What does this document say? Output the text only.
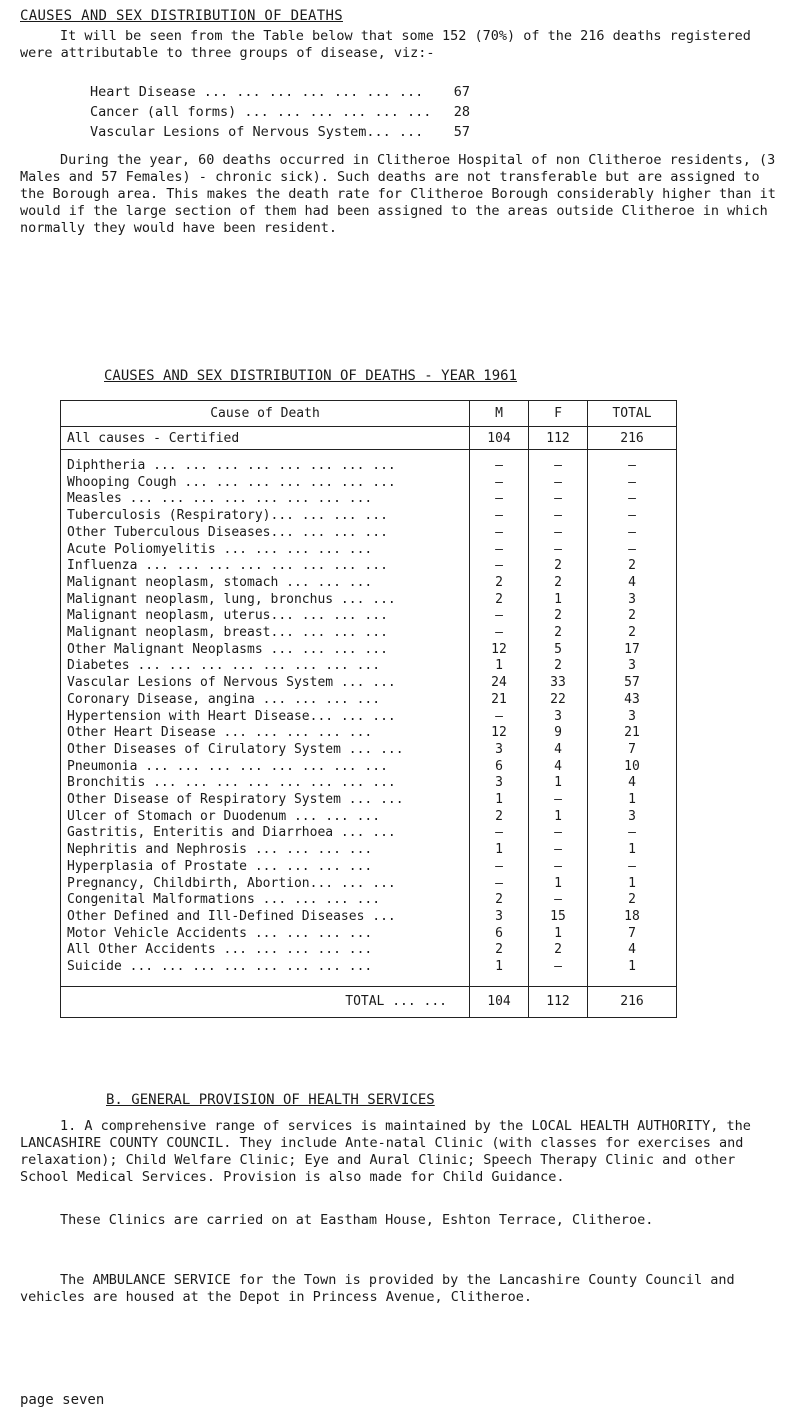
CAUSES AND SEX DISTRIBUTION OF DEATHS

It will be seen from the Table below that some 152 (70%) of the 216 deaths registered were attributable to three groups of disease, viz:-

Heart Disease ... ... ... ... ... ... ...	67
Cancer (all forms) ... ... ... ... ... ...	28
Vascular Lesions of Nervous System... ...	57

During the year, 60 deaths occurred in Clitheroe Hospital of non Clitheroe residents, (3 Males and 57 Females) - chronic sick). Such deaths are not transferable but are assigned to the Borough area. This makes the death rate for Clitheroe Borough considerably higher than it would if the large section of them had been assigned to the areas outside Clitheroe in which normally they would have been resident.

CAUSES AND SEX DISTRIBUTION OF DEATHS - YEAR 1961
Cause of Death	M	F	TOTAL
All causes - Certified	104	112	216
Diphtheria ... ... ... ... ... ... ... ...	–	–	–
Whooping Cough ... ... ... ... ... ... ...	–	–	–
Measles ... ... ... ... ... ... ... ...	–	–	–
Tuberculosis (Respiratory)... ... ... ...	–	–	–
Other Tuberculous Diseases... ... ... ...	–	–	–
Acute Poliomyelitis ... ... ... ... ...	–	–	–
Influenza ... ... ... ... ... ... ... ...	–	2	2
Malignant neoplasm, stomach ... ... ...	2	2	4
Malignant neoplasm, lung, bronchus ... ...	2	1	3
Malignant neoplasm, uterus... ... ... ...	–	2	2
Malignant neoplasm, breast... ... ... ...	–	2	2
Other Malignant Neoplasms ... ... ... ...	12	5	17
Diabetes ... ... ... ... ... ... ... ...	1	2	3
Vascular Lesions of Nervous System ... ...	24	33	57
Coronary Disease, angina ... ... ... ...	21	22	43
Hypertension with Heart Disease... ... ...	–	3	3
Other Heart Disease ... ... ... ... ...	12	9	21
Other Diseases of Cirulatory System ... ...	3	4	7
Pneumonia ... ... ... ... ... ... ... ...	6	4	10
Bronchitis ... ... ... ... ... ... ... ...	3	1	4
Other Disease of Respiratory System ... ...	1	–	1
Ulcer of Stomach or Duodenum ... ... ...	2	1	3
Gastritis, Enteritis and Diarrhoea ... ...	–	–	–
Nephritis and Nephrosis ... ... ... ...	1	–	1
Hyperplasia of Prostate ... ... ... ...	–	–	–
Pregnancy, Childbirth, Abortion... ... ...	–	1	1
Congenital Malformations ... ... ... ...	2	–	2
Other Defined and Ill-Defined Diseases ...	3	15	18
Motor Vehicle Accidents ... ... ... ...	6	1	7
All Other Accidents ... ... ... ... ...	2	2	4
Suicide ... ... ... ... ... ... ... ...	1	–	1
TOTAL ... ...	104	112	216
B. GENERAL PROVISION OF HEALTH SERVICES

1. A comprehensive range of services is maintained by the LOCAL HEALTH AUTHORITY, the LANCASHIRE COUNTY COUNCIL. They include Ante-natal Clinic (with classes for exercises and relaxation); Child Welfare Clinic; Eye and Aural Clinic; Speech Therapy Clinic and other School Medical Services. Provision is also made for Child Guidance.

These Clinics are carried on at Eastham House, Eshton Terrace, Clitheroe.

The AMBULANCE SERVICE for the Town is provided by the Lancashire County Council and vehicles are housed at the Depot in Princess Avenue, Clitheroe.

page seven
